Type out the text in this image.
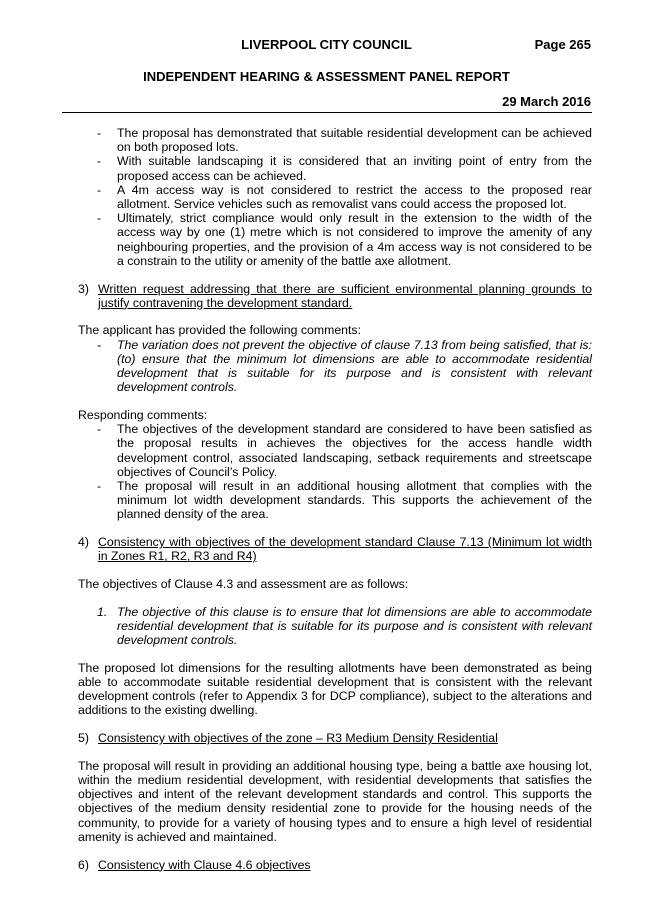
LIVERPOOL CITY COUNCIL	Page 265
INDEPENDENT HEARING & ASSESSMENT PANEL REPORT
29 March 2016
- The proposal has demonstrated that suitable residential development can be achieved on both proposed lots.
- With suitable landscaping it is considered that an inviting point of entry from the proposed access can be achieved.
- A 4m access way is not considered to restrict the access to the proposed rear allotment. Service vehicles such as removalist vans could access the proposed lot.
- Ultimately, strict compliance would only result in the extension to the width of the access way by one (1) metre which is not considered to improve the amenity of any neighbouring properties, and the provision of a 4m access way is not considered to be a constrain to the utility or amenity of the battle axe allotment.

3) Written request addressing that there are sufficient environmental planning grounds to justify contravening the development standard.

The applicant has provided the following comments:

- The variation does not prevent the objective of clause 7.13 from being satisfied, that is: (to) ensure that the minimum lot dimensions are able to accommodate residential development that is suitable for its purpose and is consistent with relevant development controls.

Responding comments:

- The objectives of the development standard are considered to have been satisfied as the proposal results in achieves the objectives for the access handle width development control, associated landscaping, setback requirements and streetscape objectives of Council’s Policy.
- The proposal will result in an additional housing allotment that complies with the minimum lot width development standards. This supports the achievement of the planned density of the area.

4) Consistency with objectives of the development standard Clause 7.13 (Minimum lot width in Zones R1, R2, R3 and R4)

The objectives of Clause 4.3 and assessment are as follows:

1. The objective of this clause is to ensure that lot dimensions are able to accommodate residential development that is suitable for its purpose and is consistent with relevant development controls.

The proposed lot dimensions for the resulting allotments have been demonstrated as being able to accommodate suitable residential development that is consistent with the relevant development controls (refer to Appendix 3 for DCP compliance), subject to the alterations and additions to the existing dwelling.

5) Consistency with objectives of the zone – R3 Medium Density Residential

The proposal will result in providing an additional housing type, being a battle axe housing lot, within the medium residential development, with residential developments that satisfies the objectives and intent of the relevant development standards and control. This supports the objectives of the medium density residential zone to provide for the housing needs of the community, to provide for a variety of housing types and to ensure a high level of residential amenity is achieved and maintained.

6) Consistency with Clause 4.6 objectives
